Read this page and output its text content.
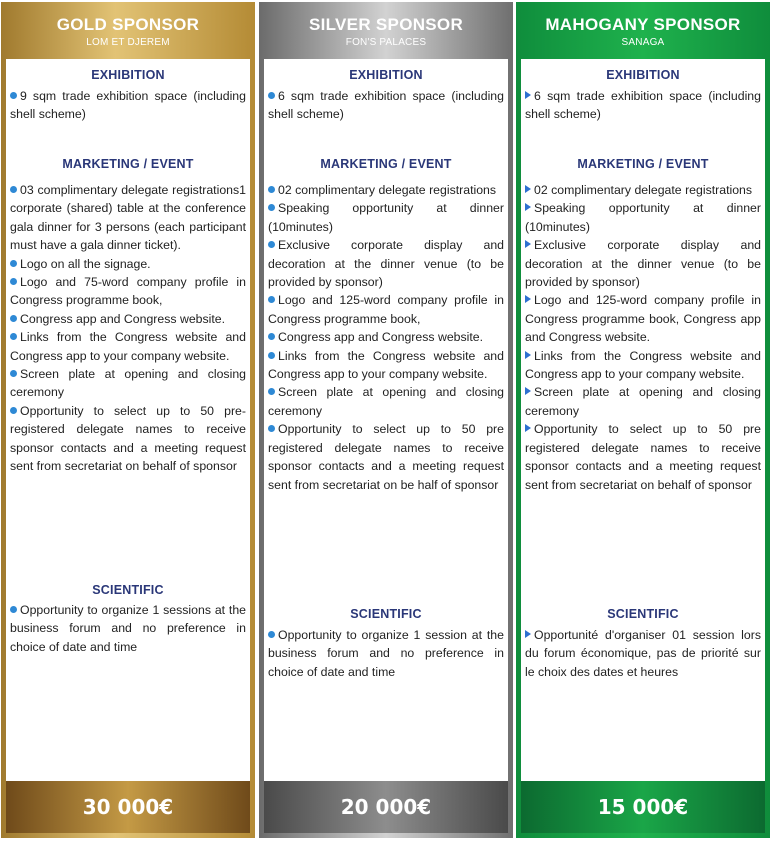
GOLD SPONSOR
LOM ET DJEREM
EXHIBITION
9 sqm trade exhibition space (including shell scheme)
MARKETING / EVENT
03 complimentary delegate registrations1 corporate (shared) table at the conference gala dinner for 3 persons (each participant must have a gala dinner ticket).
Logo on all the signage.
Logo and 75-word company profile in Congress programme book,
Congress app and Congress website.
Links from the Congress website and Congress app to your company website.
Screen plate at opening and closing ceremony
Opportunity to select up to 50 pre-registered delegate names to receive sponsor contacts and a meeting request sent from secretariat on behalf of sponsor
SCIENTIFIC
Opportunity to organize 1 sessions at the business forum and no preference in choice of date and time
30 000€
SILVER SPONSOR
FON'S PALACES
EXHIBITION
6 sqm trade exhibition space (including shell scheme)
MARKETING / EVENT
02 complimentary delegate registrations
Speaking opportunity at dinner (10minutes)
Exclusive corporate display and decoration at the dinner venue (to be provided by sponsor)
Logo and 125-word company profile in Congress programme book,
Congress app and Congress website.
Links from the Congress website and Congress app to your company website.
Screen plate at opening and closing ceremony
Opportunity to select up to 50 pre registered delegate names to receive sponsor contacts and a meeting request sent from secretariat on be half of sponsor
SCIENTIFIC
Opportunity to organize 1 session at the business forum and no preference in choice of date and time
20 000€
MAHOGANY SPONSOR
SANAGA
EXHIBITION
6 sqm trade exhibition space (including shell scheme)
MARKETING / EVENT
02 complimentary delegate registrations
Speaking opportunity at dinner (10minutes)
Exclusive corporate display and decoration at the dinner venue (to be provided by sponsor)
Logo and 125-word company profile in Congress programme book, Congress app and Congress website.
Links from the Congress website and Congress app to your company website.
Screen plate at opening and closing ceremony
Opportunity to select up to 50 pre registered delegate names to receive sponsor contacts and a meeting request sent from secretariat on behalf of sponsor
SCIENTIFIC
Opportunité d'organiser 01 session lors du forum économique, pas de priorité sur le choix des dates et heures
15 000€
